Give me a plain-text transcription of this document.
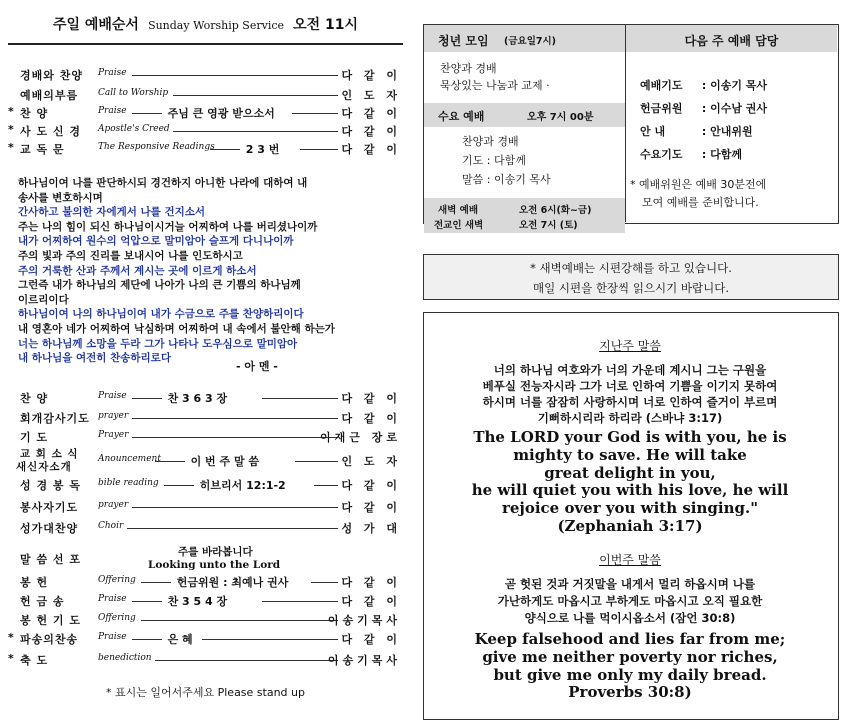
주일 예배순서 Sunday Worship Service 오전 11시
경배와 찬양 Praise	다 같 이
예배의부름 Call to Worship	인 도 자
* 찬 양	Praise	주님 큰 영광 받으소서	다 같 이
* 사 도 신 경 Apostle's Creed	다 같 이
* 교 독 문	The Responsive Readings	2 3 번	다 같 이
하나님이여 나를 판단하시되 경건하지 아니한 나라에 대하여 내
송사를 변호하시며
간사하고 불의한 자에게서 나를 건지소서
주는 나의 힘이 되신 하나님이시거늘 어찌하여 나를 버리셨나이까
내가 어찌하여 원수의 억압으로 말미암아 슬프게 다니나이까
주의 빛과 주의 진리를 보내시어 나를 인도하시고
주의 거룩한 산과 주께서 계시는 곳에 이르게 하소서
그런즉 내가 하나님의 제단에 나아가 나의 큰 기쁨의 하나님께
이르리이다
하나님이여 나의 하나님이여 내가 수금으로 주를 찬양하리이다
내 영혼아 네가 어찌하여 낙심하며 어찌하여 내 속에서 불안해 하는가
너는 하나님께 소망을 두라 그가 나타나 도우심으로 말미암아
내 하나님을 여전히 찬송하리로다
- 아 멘 -
찬 양	Praise	찬 3 6 3 장	다 같 이
회개감사기도 prayer	다 같 이
기 도	Prayer	이재근 장로
교 회 소 식
새신자소개
Anouncement	이 번 주 말 씀	인 도 자
성 경 봉 독 bible reading	히브리서 12:1-2	다 같 이
봉사자기도 prayer	다 같 이
성가대찬양 Choir	성 가 대
말 씀 선 포
주를 바라봅니다
Looking unto the Lord
봉 헌	Offering	헌금위원 : 최예나 권사	다 같 이
헌 금 송	Praise	찬 3 5 4 장	다 같 이
봉 헌 기 도 Offering	이송기목사
* 파송의찬송 Praise	은 혜	다 같 이
* 축 도	benediction	이송기목사
* 표시는 일어서주세요 Please stand up
청년 모임 (금요일7시)
찬양과 경배
묵상있는 나눔과 교제 ·
수요 예배	오후 7시 00분
찬양과 경배
기도 : 다함께
말씀 : 이송기 목사
새벽 예배	오전 6시(화~금)
전교인 새벽	오전 7시 (토)
다음 주 예배 담당
예배기도 : 이송기 목사
헌금위원 : 이수남 권사
안 내	: 안내위원
수요기도 : 다함께
* 예배위원은 예배 30분전에
모여 예배를 준비합니다.
* 새벽예배는 시편강해를 하고 있습니다.
매일 시편을 한장씩 읽으시기 바랍니다.
지난주 말씀
너의 하나님 여호와가 너의 가운데 계시니 그는 구원을
베푸실 전능자시라 그가 너로 인하여 기쁨을 이기지 못하여
하시며 너를 잠잠히 사랑하시며 너로 인하여 즐거이 부르며
기뻐하시리라 하리라 (스바냐 3:17)
The LORD your God is with you, he is
mighty to save. He will take
great delight in you,
he will quiet you with his love, he will
rejoice over you with singing."
(Zephaniah 3:17)
이번주 말씀
곧 헛된 것과 거짓말을 내게서 멀리 하옵시며 나를
가난하게도 마옵시고 부하게도 마옵시고 오직 필요한
양식으로 나를 먹이시옵소서 (잠언 30:8)
Keep falsehood and lies far from me;
give me neither poverty nor riches,
but give me only my daily bread.
Proverbs 30:8)
